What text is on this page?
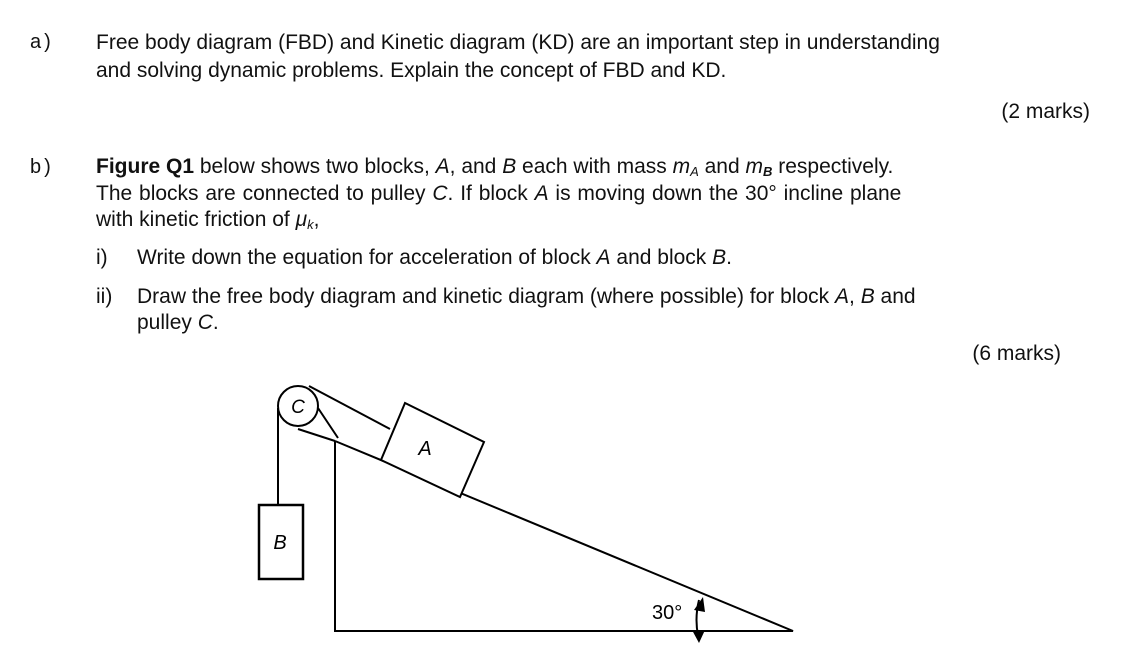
a) Free body diagram (FBD) and Kinetic diagram (KD) are an important step in understanding
and solving dynamic problems. Explain the concept of FBD and KD.
(2 marks)
b) Figure Q1 below shows two blocks, A, and B each with mass $m_A$ and $m_B$ respectively.
The blocks are connected to pulley C. If block A is moving down the 30° incline plane
with kinetic friction of $\mu_k$,
i) Write down the equation for acceleration of block A and block B.
ii) Draw the free body diagram and kinetic diagram (where possible) for block A, B and
pulley C.
(6 marks)
C
A
B
30°
